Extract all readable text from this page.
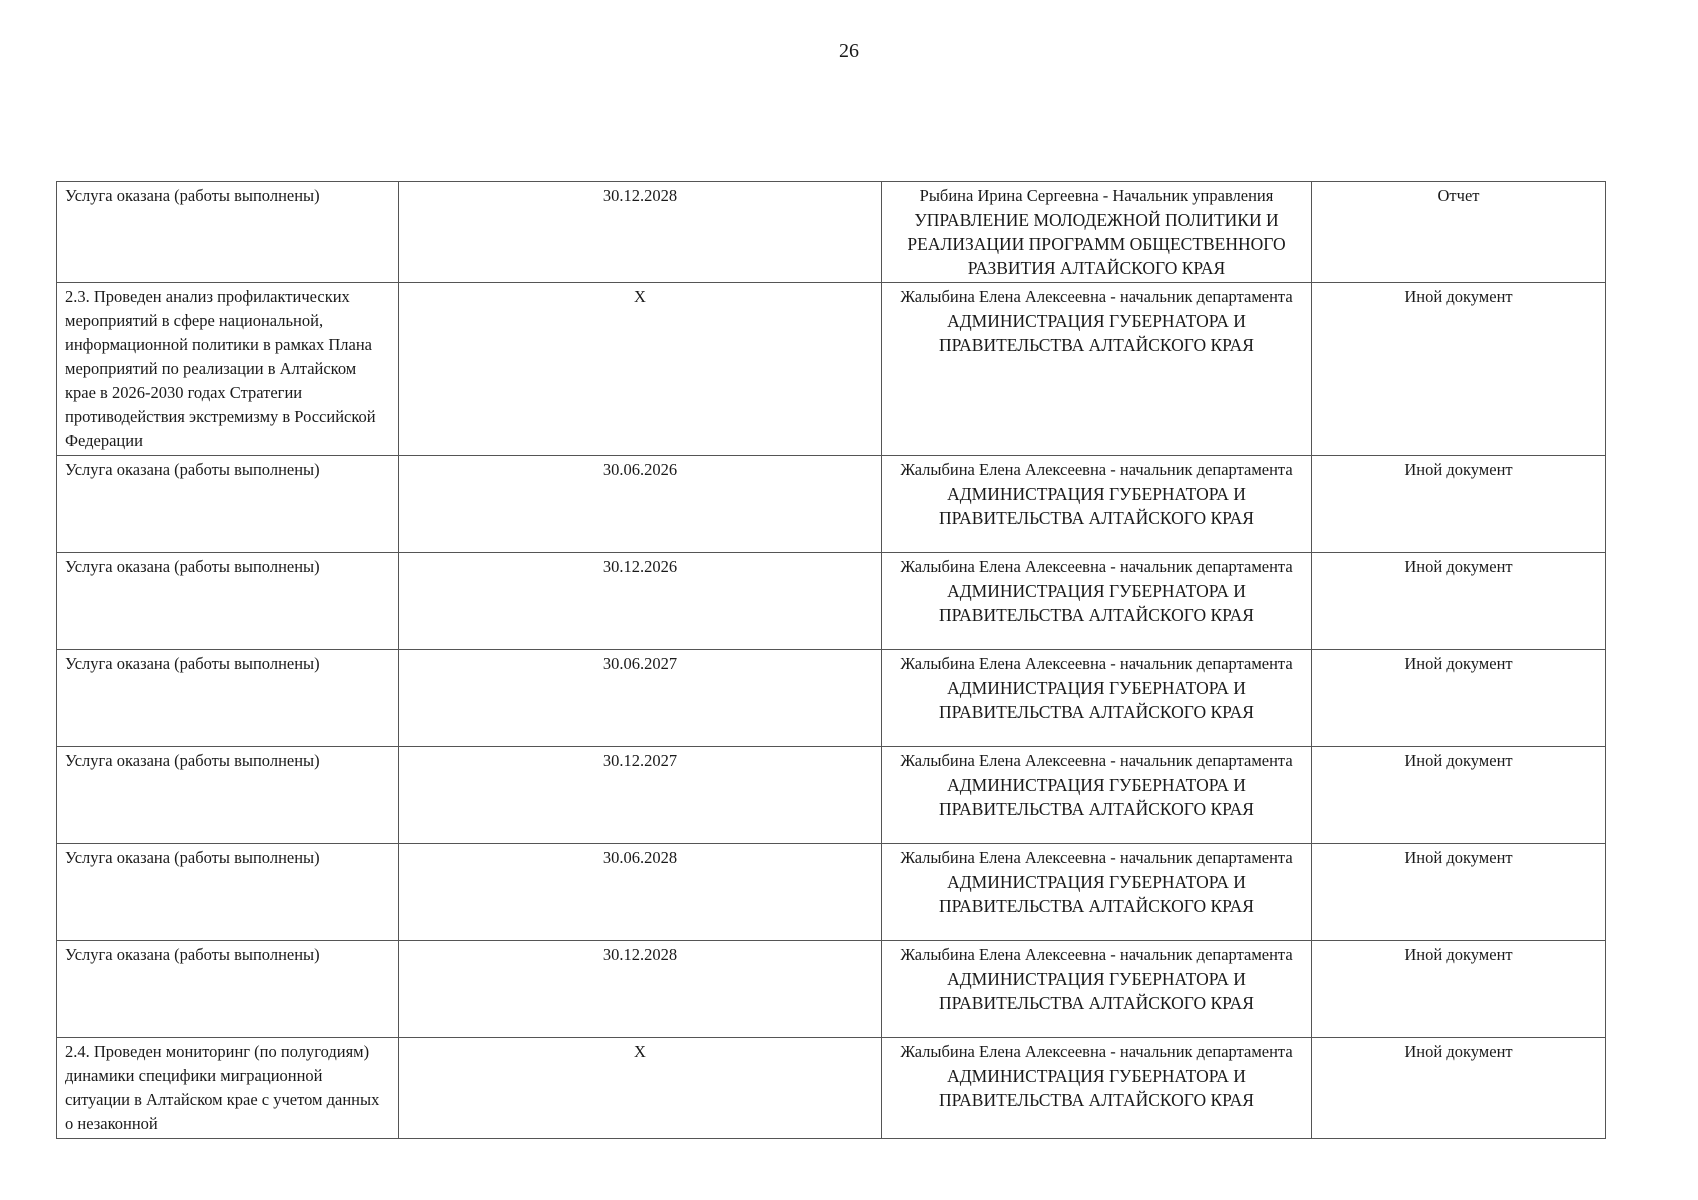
26
Услуга оказана (работы выполнены)	30.12.2028	Рыбина Ирина Сергеевна - Начальник управления
УПРАВЛЕНИЕ МОЛОДЕЖНОЙ ПОЛИТИКИ И РЕАЛИЗАЦИИ ПРОГРАММ ОБЩЕСТВЕННОГО РАЗВИТИЯ АЛТАЙСКОГО КРАЯ	Отчет
2.3. Проведен анализ профилактических мероприятий в сфере национальной, информационной политики в рамках Плана мероприятий по реализации в Алтайском крае в 2026-2030 годах Стратегии противодействия экстремизму в Российской Федерации	X	Жалыбина Елена Алексеевна - начальник департамента
АДМИНИСТРАЦИЯ ГУБЕРНАТОРА И ПРАВИТЕЛЬСТВА АЛТАЙСКОГО КРАЯ	Иной документ
Услуга оказана (работы выполнены)	30.06.2026	Жалыбина Елена Алексеевна - начальник департамента
АДМИНИСТРАЦИЯ ГУБЕРНАТОРА И ПРАВИТЕЛЬСТВА АЛТАЙСКОГО КРАЯ	Иной документ
Услуга оказана (работы выполнены)	30.12.2026	Жалыбина Елена Алексеевна - начальник департамента
АДМИНИСТРАЦИЯ ГУБЕРНАТОРА И ПРАВИТЕЛЬСТВА АЛТАЙСКОГО КРАЯ	Иной документ
Услуга оказана (работы выполнены)	30.06.2027	Жалыбина Елена Алексеевна - начальник департамента
АДМИНИСТРАЦИЯ ГУБЕРНАТОРА И ПРАВИТЕЛЬСТВА АЛТАЙСКОГО КРАЯ	Иной документ
Услуга оказана (работы выполнены)	30.12.2027	Жалыбина Елена Алексеевна - начальник департамента
АДМИНИСТРАЦИЯ ГУБЕРНАТОРА И ПРАВИТЕЛЬСТВА АЛТАЙСКОГО КРАЯ	Иной документ
Услуга оказана (работы выполнены)	30.06.2028	Жалыбина Елена Алексеевна - начальник департамента
АДМИНИСТРАЦИЯ ГУБЕРНАТОРА И ПРАВИТЕЛЬСТВА АЛТАЙСКОГО КРАЯ	Иной документ
Услуга оказана (работы выполнены)	30.12.2028	Жалыбина Елена Алексеевна - начальник департамента
АДМИНИСТРАЦИЯ ГУБЕРНАТОРА И ПРАВИТЕЛЬСТВА АЛТАЙСКОГО КРАЯ	Иной документ
2.4. Проведен мониторинг (по полугодиям) динамики специфики миграционной ситуации в Алтайском крае с учетом данных о незаконной	X	Жалыбина Елена Алексеевна - начальник департамента
АДМИНИСТРАЦИЯ ГУБЕРНАТОРА И ПРАВИТЕЛЬСТВА АЛТАЙСКОГО КРАЯ	Иной документ
